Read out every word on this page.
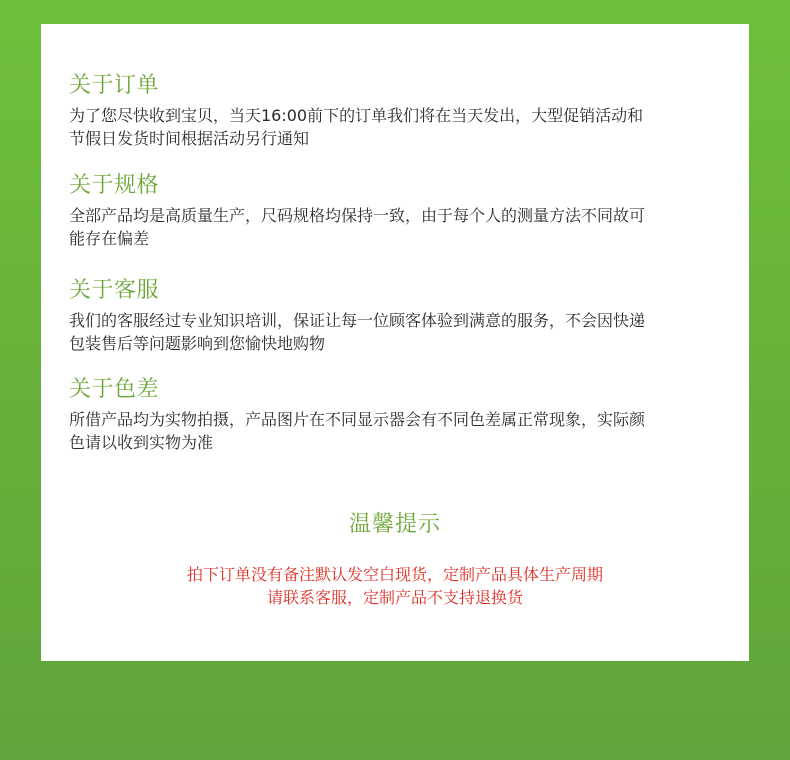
关于订单

为了您尽快收到宝贝，当天16:00前下的订单我们将在当天发出，大型促销活动和
节假日发货时间根据活动另行通知

关于规格

全部产品均是高质量生产，尺码规格均保持一致，由于每个人的测量方法不同故可
能存在偏差

关于客服

我们的客服经过专业知识培训，保证让每一位顾客体验到满意的服务，不会因快递
包装售后等问题影响到您愉快地购物

关于色差

所借产品均为实物拍摄，产品图片在不同显示器会有不同色差属正常现象，实际颜
色请以收到实物为准

温馨提示
拍下订单没有备注默认发空白现货，定制产品具体生产周期
请联系客服，定制产品不支持退换货
